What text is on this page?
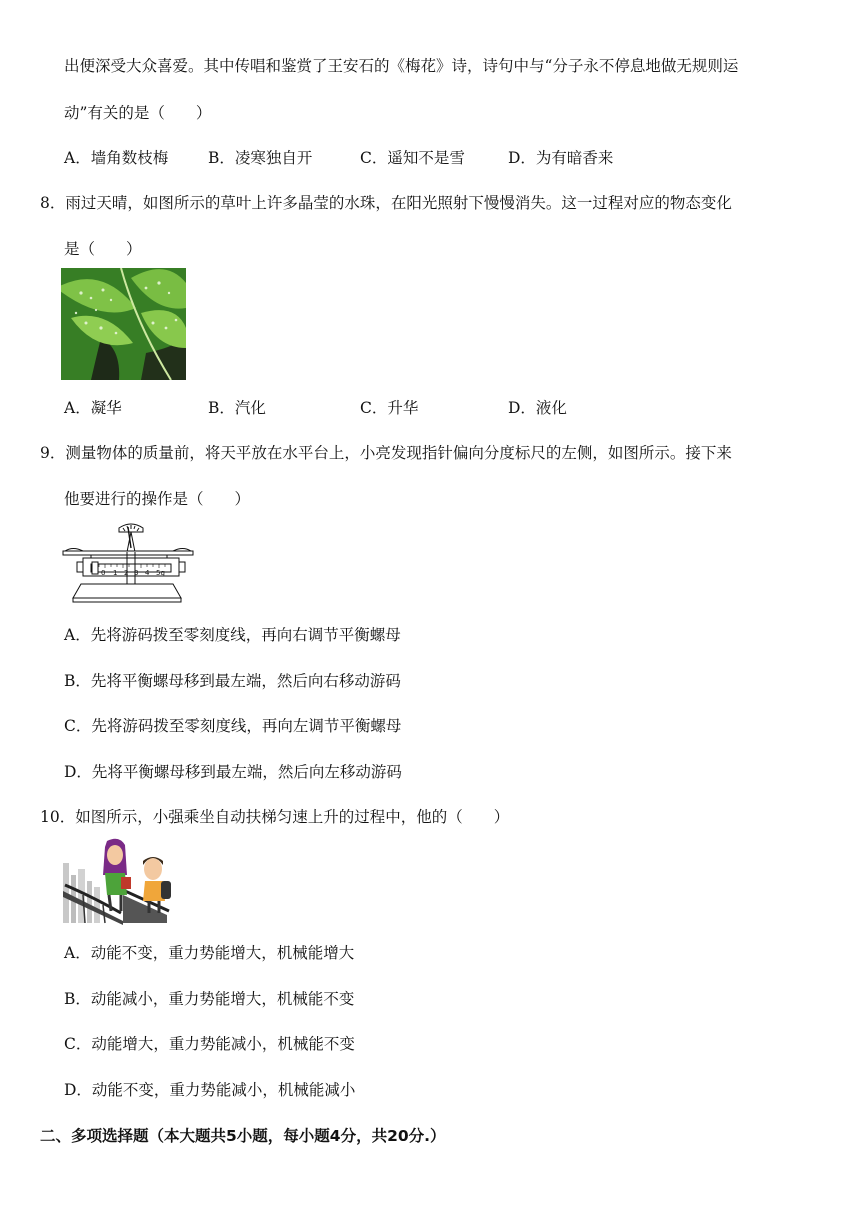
出便深受大众喜爱。其中传唱和鉴赏了王安石的《梅花》诗，诗句中与“分子永不停息地做无规则运
动”有关的是（　　）
A．墙角数枝梅	B．凌寒独自开	C．遥知不是雪	D．为有暗香来
8．雨过天晴，如图所示的草叶上许多晶莹的水珠，在阳光照射下慢慢消失。这一过程对应的物态变化
是（　　）
A．凝华	B．汽化	C．升华	D．液化
9．测量物体的质量前，将天平放在水平台上，小亮发现指针偏向分度标尺的左侧，如图所示。接下来
他要进行的操作是（　　）
0 1 2 3 4 5g
A．先将游码拨至零刻度线，再向右调节平衡螺母
B．先将平衡螺母移到最左端，然后向右移动游码
C．先将游码拨至零刻度线，再向左调节平衡螺母
D．先将平衡螺母移到最左端，然后向左移动游码
10．如图所示，小强乘坐自动扶梯匀速上升的过程中，他的（　　）
A．动能不变，重力势能增大，机械能增大
B．动能减小，重力势能增大，机械能不变
C．动能增大，重力势能减小，机械能不变
D．动能不变，重力势能减小，机械能减小
二、多项选择题（本大题共5小题，每小题4分，共20分.）
